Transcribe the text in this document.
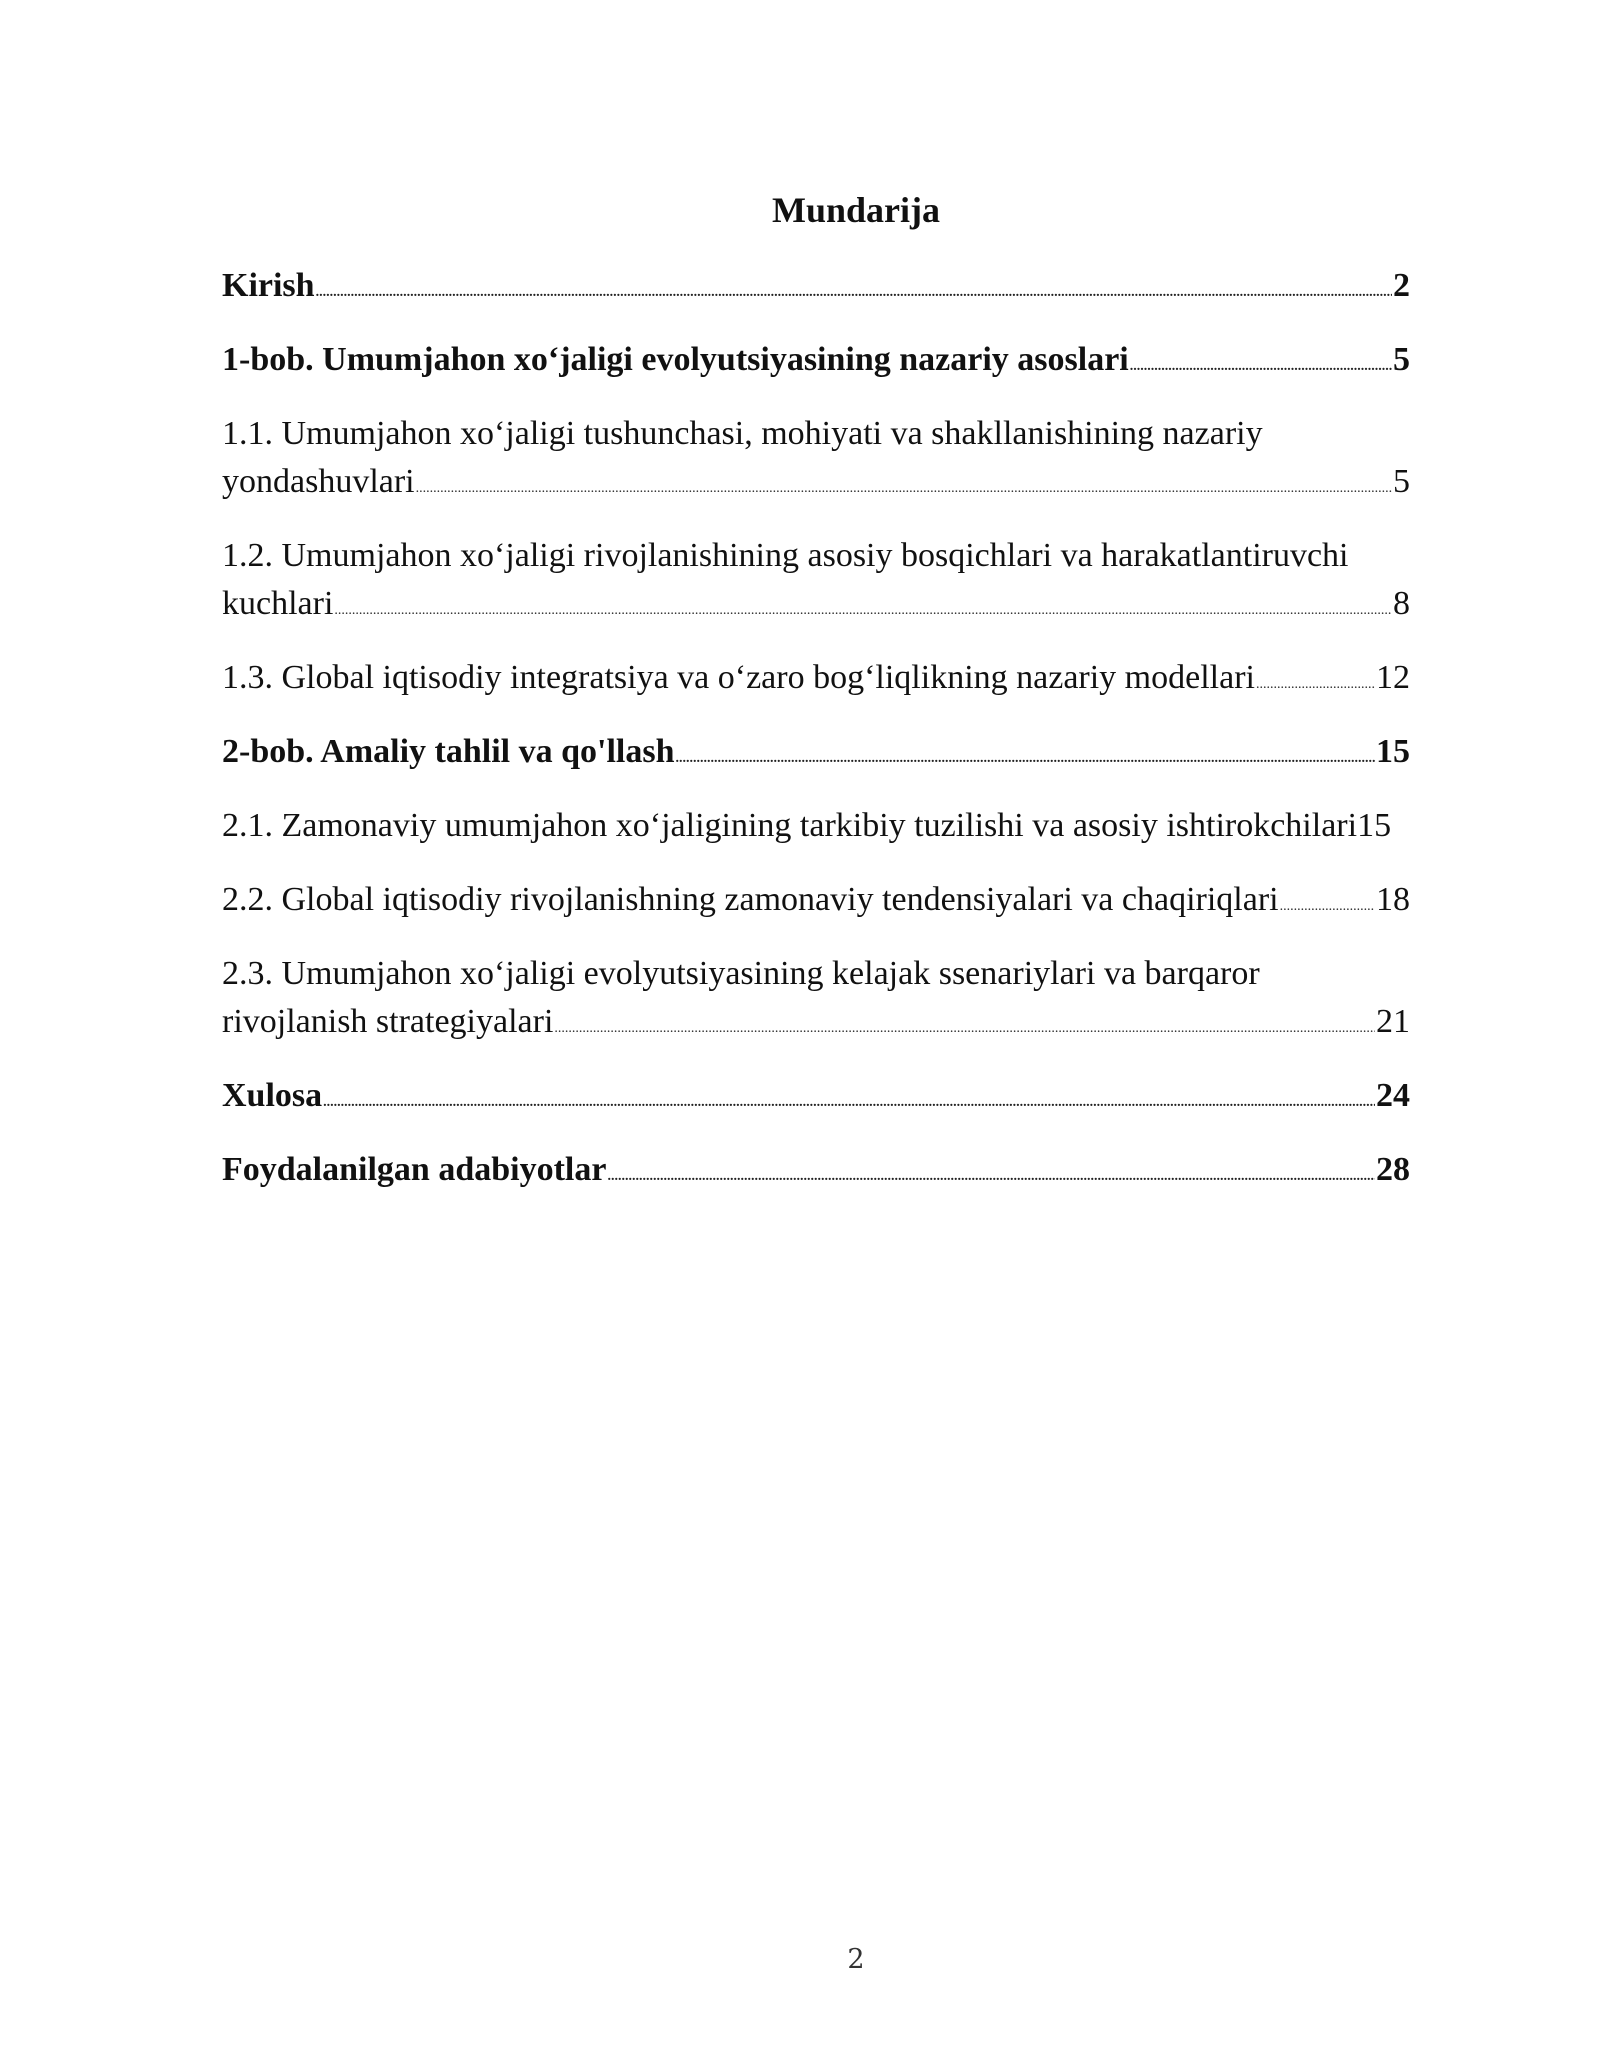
Mundarija
Kirish .....	2
1-bob. Umumjahon xo‘jaligi evolyutsiyasining nazariy asoslari .....	5
1.1. Umumjahon xo‘jaligi tushunchasi, mohiyati va shakllanishining nazariy
yondashuvlari .....	5
1.2. Umumjahon xo‘jaligi rivojlanishining asosiy bosqichlari va harakatlantiruvchi
kuchlari .....	8
1.3. Global iqtisodiy integratsiya va o‘zaro bog‘liqlikning nazariy modellari .....	12
2-bob. Amaliy tahlil va qo'llash .....	15
2.1. Zamonaviy umumjahon xo‘jaligining tarkibiy tuzilishi va asosiy ishtirokchilari 15
2.2. Global iqtisodiy rivojlanishning zamonaviy tendensiyalari va chaqiriqlari .....	18
2.3. Umumjahon xo‘jaligi evolyutsiyasining kelajak ssenariylari va barqaror
rivojlanish strategiyalari .....	21
Xulosa .....	24
Foydalanilgan adabiyotlar .....	28
2
